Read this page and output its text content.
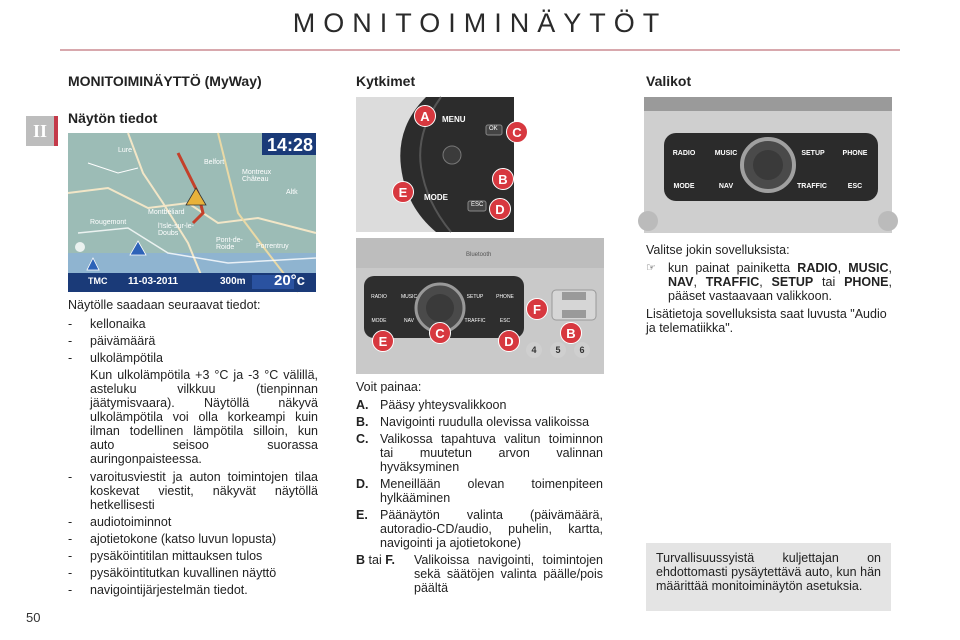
MONITOIMINÄYTÖT
II
MONITOIMINÄYTTÖ (MyWay)
Näytön tiedot
14:28
11-03-2011
TMC	300m 20°c
Lure
Belfort
Montreux Château
Rougemont
Montbéliard
l'Isle-sur-le-Doubs
Pont-de-Roide	Porrentruy
Altk
Näytölle saadaan seuraavat tiedot:
- kellonaika
- päivämäärä
- ulkolämpötila
Kun ulkolämpötila +3 °C ja -3 °C välillä, asteluku vilkkuu (tienpinnan jäätymisvaara). Näytöllä näkyvä ulkolämpötila voi olla korkeampi kuin ilman todellinen lämpötila silloin, kun auto seisoo suorassa auringonpaisteessa.
- varoitusviestit ja auton toimintojen tilaa koskevat viestit, näkyvät näytöllä hetkellisesti
- audiotoiminnot
- ajotietokone (katso luvun lopusta)
- pysäköintitilan mittauksen tulos
- pysäköintitutkan kuvallinen näyttö
- navigointijärjestelmän tiedot.
Kytkimet
MENU
OK
MODE
ESC
A
C
E
B
D
Bluetooth
RADIO	MUSIC	SETUP	PHONE
MODE	NAV	TRAFFIC	ESC
F
C	B
E	D
4	5	6
Voit painaa:
A. Pääsy yhteysvalikkoon
B. Navigointi ruudulla olevissa valikoissa
C. Valikossa tapahtuva valitun toiminnon tai muutetun arvon valinnan hyväksyminen
D. Meneillään olevan toimenpiteen hylkääminen
E. Päänäytön valinta (päivämäärä, autoradio-CD/audio, puhelin, kartta, navigointi ja ajotietokone)
B tai F.	Valikoissa navigointi, toimintojen sekä säätöjen valinta päälle/pois päältä
Valikot
RADIO	MUSIC	SETUP	PHONE
MODE	NAV	TRAFFIC	ESC
Valitse jokin sovelluksista:
☞ kun painat painiketta RADIO, MUSIC, NAV, TRAFFIC, SETUP tai PHONE, pääset vastaavaan valikkoon.
Lisätietoja sovelluksista saat luvusta "Audio ja telematiikka".
Turvallisuussyistä kuljettajan on ehdottomasti pysäytettävä auto, kun hän määrittää monitoiminäytön asetuksia.
50
